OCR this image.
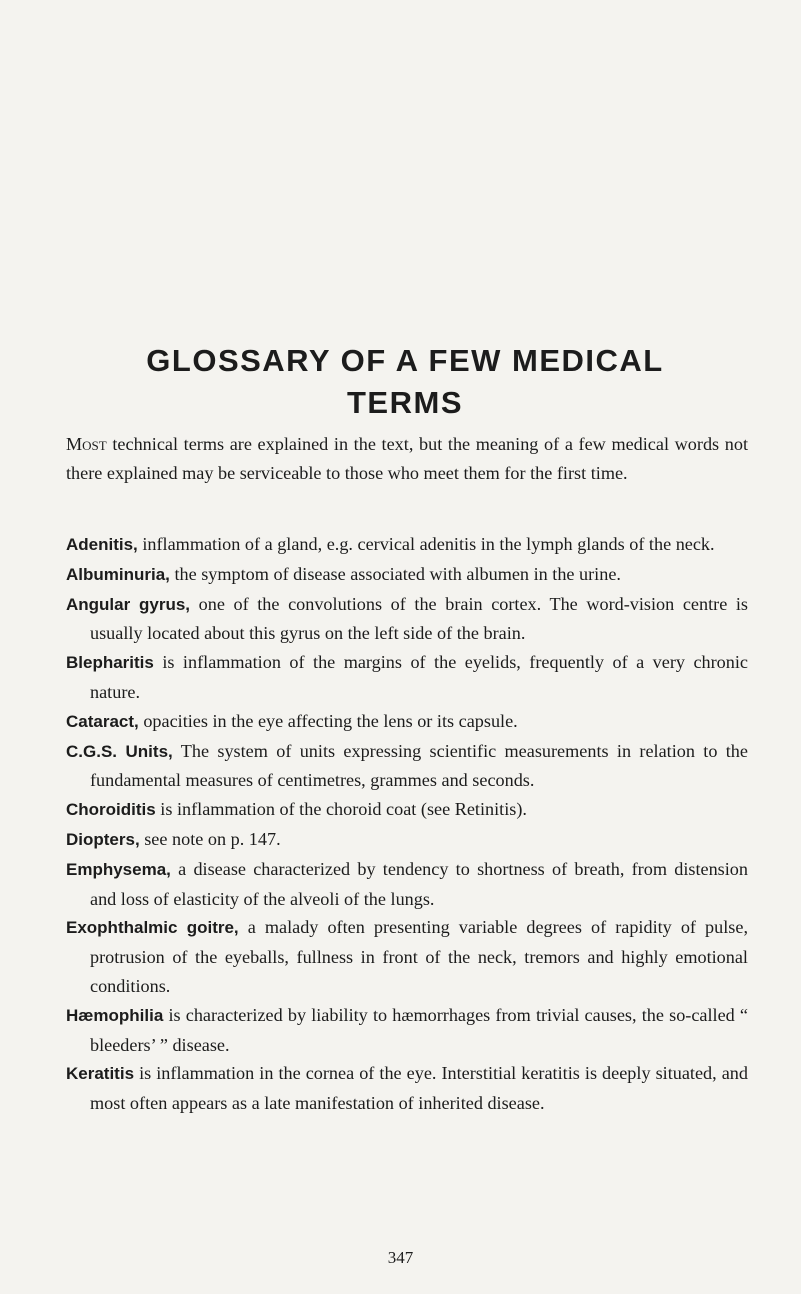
GLOSSARY OF A FEW MEDICAL
TERMS

Most technical terms are explained in the text, but the meaning of a few medical words not there explained may be serviceable to those who meet them for the first time.

Adenitis, inflammation of a gland, e.g. cervical adenitis in the lymph glands of the neck.

Albuminuria, the symptom of disease associated with albumen in the urine.

Angular gyrus, one of the convolutions of the brain cortex. The word-vision centre is usually located about this gyrus on the left side of the brain.

Blepharitis is inflammation of the margins of the eyelids, frequently of a very chronic nature.

Cataract, opacities in the eye affecting the lens or its capsule.

C.G.S. Units, The system of units expressing scientific measurements in relation to the fundamental measures of centimetres, grammes and seconds.

Choroiditis is inflammation of the choroid coat (see Retinitis).

Diopters, see note on p. 147.

Emphysema, a disease characterized by tendency to shortness of breath, from distension and loss of elasticity of the alveoli of the lungs.

Exophthalmic goitre, a malady often presenting variable degrees of rapidity of pulse, protrusion of the eyeballs, fullness in front of the neck, tremors and highly emotional conditions.

Hæmophilia is characterized by liability to hæmorrhages from trivial causes, the so-called “ bleeders’ ” disease.

Keratitis is inflammation in the cornea of the eye. Interstitial keratitis is deeply situated, and most often appears as a late manifestation of inherited disease.

347
